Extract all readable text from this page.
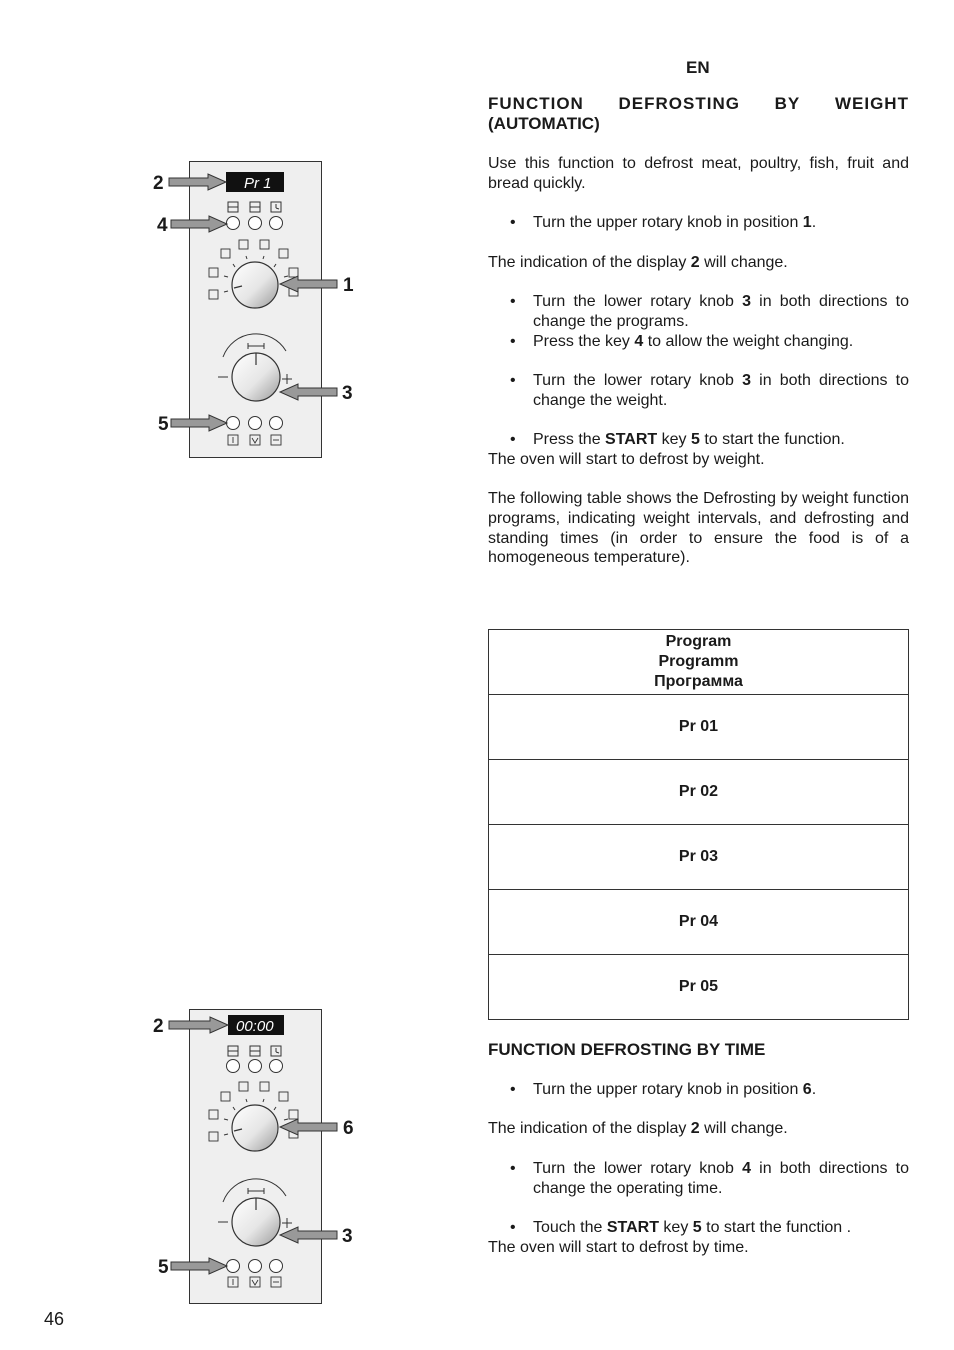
EN
FUNCTION DEFROSTING BY WEIGHT
(AUTOMATIC)
Use this function to defrost meat, poultry, fish, fruit and bread quickly.
• Turn the upper rotary knob in position 1.
The indication of the display 2 will change.
• Turn the lower rotary knob 3 in both directions to change the programs.
• Press the key 4 to allow the weight changing.
• Turn the lower rotary knob 3 in both directions to change the weight.
• Press the START key 5 to start the function.
The oven will start to defrost by weight.
The following table shows the Defrosting by weight function programs, indicating weight intervals, and defrosting and standing times (in order to ensure the food is of a homogeneous temperature).
Program
Programm
Программа

Pr 01
Pr 02
Pr 03
Pr 04
Pr 05
FUNCTION DEFROSTING BY TIME
• Turn the upper rotary knob in position 6.
The indication of the display 2 will change.
• Turn the lower rotary knob 4 in both directions to change the operating time.
• Touch the START key 5 to start the function .
The oven will start to defrost by time.
46
Pr 1
2
4
1
3
5
00:00
2
6
3
5
